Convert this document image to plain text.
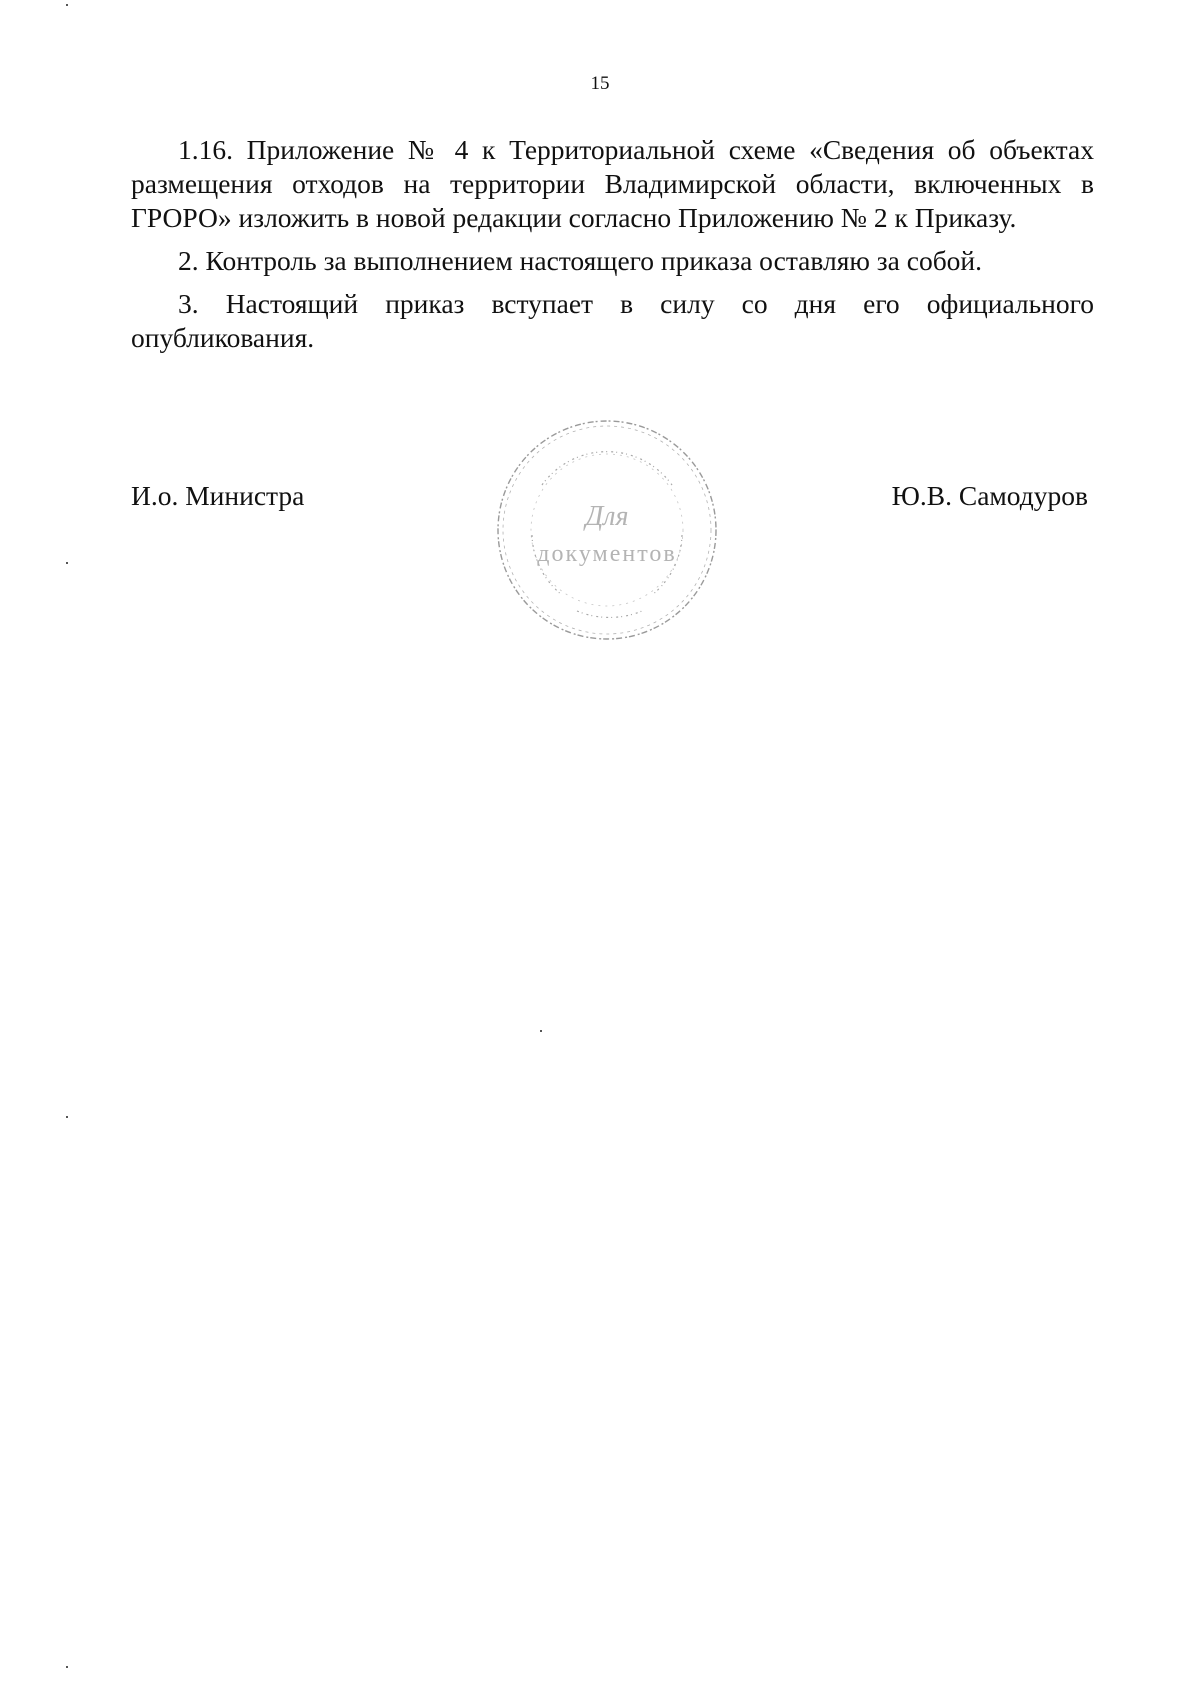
15

1.16. Приложение № 4 к Территориальной схеме «Сведения об объектах размещения отходов на территории Владимирской области, включенных в ГРОРО» изложить в новой редакции согласно Приложению № 2 к Приказу.

2. Контроль за выполнением настоящего приказа оставляю за собой.

3. Настоящий приказ вступает в силу со дня его официального опубликования.

И.о. Министра
Для
документов
Ю.В. Самодуров
